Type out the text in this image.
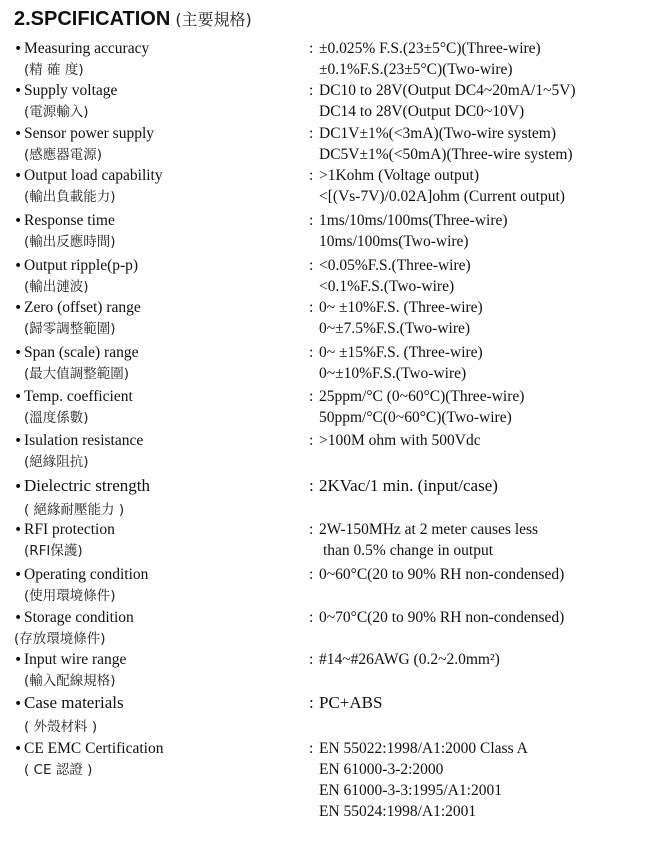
2.SPCIFICATION (主要規格)
• Measuring accuracy
(精 確 度)
: ±0.025% F.S.(23±5°C)(Three-wire)
±0.1%F.S.(23±5°C)(Two-wire)
• Supply voltage
(電源輸入)
: DC10 to 28V(Output DC4~20mA/1~5V)
DC14 to 28V(Output DC0~10V)
• Sensor power supply
(感應器電源)
: DC1V±1%(<3mA)(Two-wire system)
DC5V±1%(<50mA)(Three-wire system)
• Output load capability
(輸出負載能力)
: >1Kohm (Voltage output)
<[(Vs-7V)/0.02A]ohm (Current output)
• Response time
(輸出反應時間)
: 1ms/10ms/100ms(Three-wire)
10ms/100ms(Two-wire)
• Output ripple(p-p)
(輸出漣波)
: <0.05%F.S.(Three-wire)
<0.1%F.S.(Two-wire)
• Zero (offset) range
(歸零調整範圍)
: 0~ ±10%F.S. (Three-wire)
0~±7.5%F.S.(Two-wire)
• Span (scale) range
(最大值調整範圍)
: 0~ ±15%F.S. (Three-wire)
0~±10%F.S.(Two-wire)
• Temp. coefficient
(溫度係數)
: 25ppm/°C (0~60°C)(Three-wire)
50ppm/°C(0~60°C)(Two-wire)
• Isulation resistance
(絕緣阻抗)
: >100M ohm with 500Vdc
• Dielectric strength
( 絕緣耐壓能力 )
: 2KVac/1 min. (input/case)
• RFI protection
(RFI保護)
: 2W-150MHz at 2 meter causes less
than 0.5% change in output
• Operating condition
(使用環境條件)
: 0~60°C(20 to 90% RH non-condensed)
• Storage condition
(存放環境條件)
: 0~70°C(20 to 90% RH non-condensed)
• Input wire range
(輸入配線規格)
: #14~#26AWG (0.2~2.0mm²)
• Case materials
( 外殼材料 )
: PC+ABS
• CE EMC Certification
( CE 認證 )
: EN 55022:1998/A1:2000 Class A
EN 61000-3-2:2000
EN 61000-3-3:1995/A1:2001
EN 55024:1998/A1:2001
